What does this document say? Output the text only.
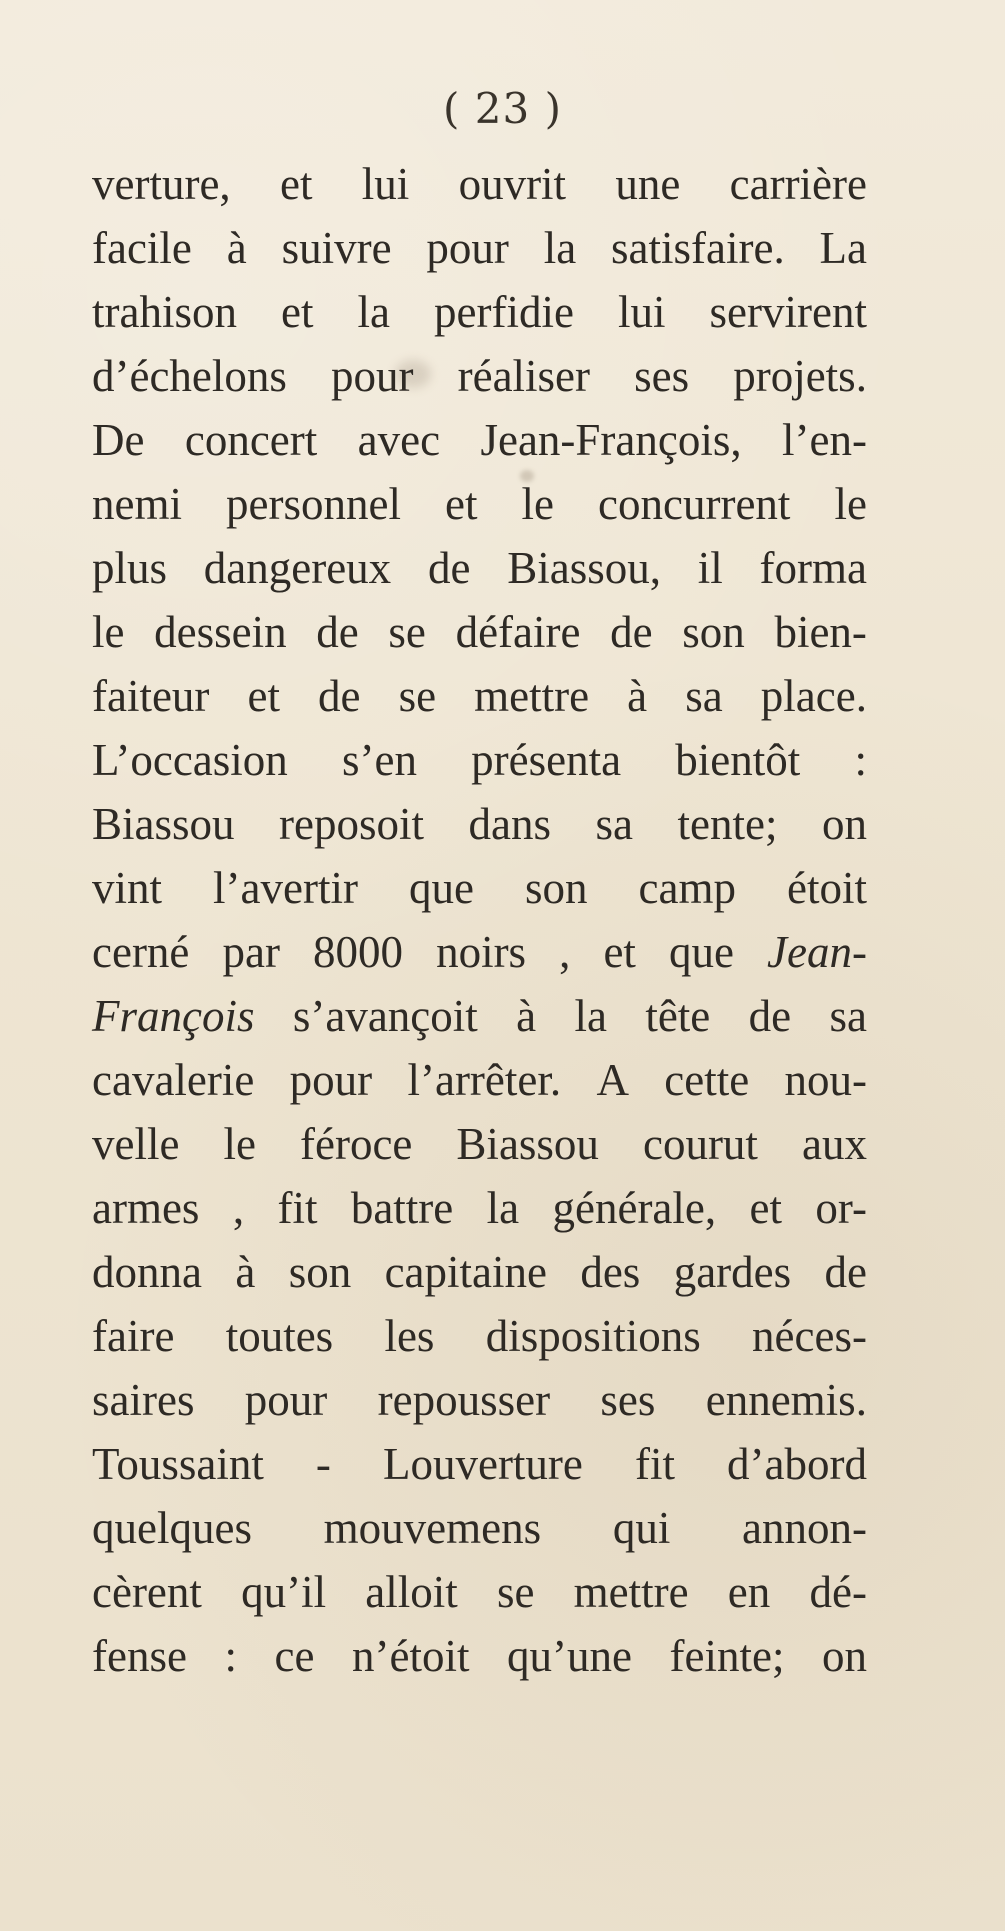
( 23 )
verture, et lui ouvrit une carrière
facile à suivre pour la satisfaire. La
trahison et la perfidie lui servirent
d’échelons pour réaliser ses projets.
De concert avec Jean-François, l’en-
nemi personnel et le concurrent le
plus dangereux de Biassou, il forma
le dessein de se défaire de son bien-
faiteur et de se mettre à sa place.
L’occasion s’en présenta bientôt :
Biassou reposoit dans sa tente; on
vint l’avertir que son camp étoit
cerné par 8000 noirs , et que Jean-
François s’avançoit à la tête de sa
cavalerie pour l’arrêter. A cette nou-
velle le féroce Biassou courut aux
armes , fit battre la générale, et or-
donna à son capitaine des gardes de
faire toutes les dispositions néces-
saires pour repousser ses ennemis.
Toussaint - Louverture fit d’abord
quelques mouvemens qui annon-
cèrent qu’il alloit se mettre en dé-
fense : ce n’étoit qu’une feinte; on
